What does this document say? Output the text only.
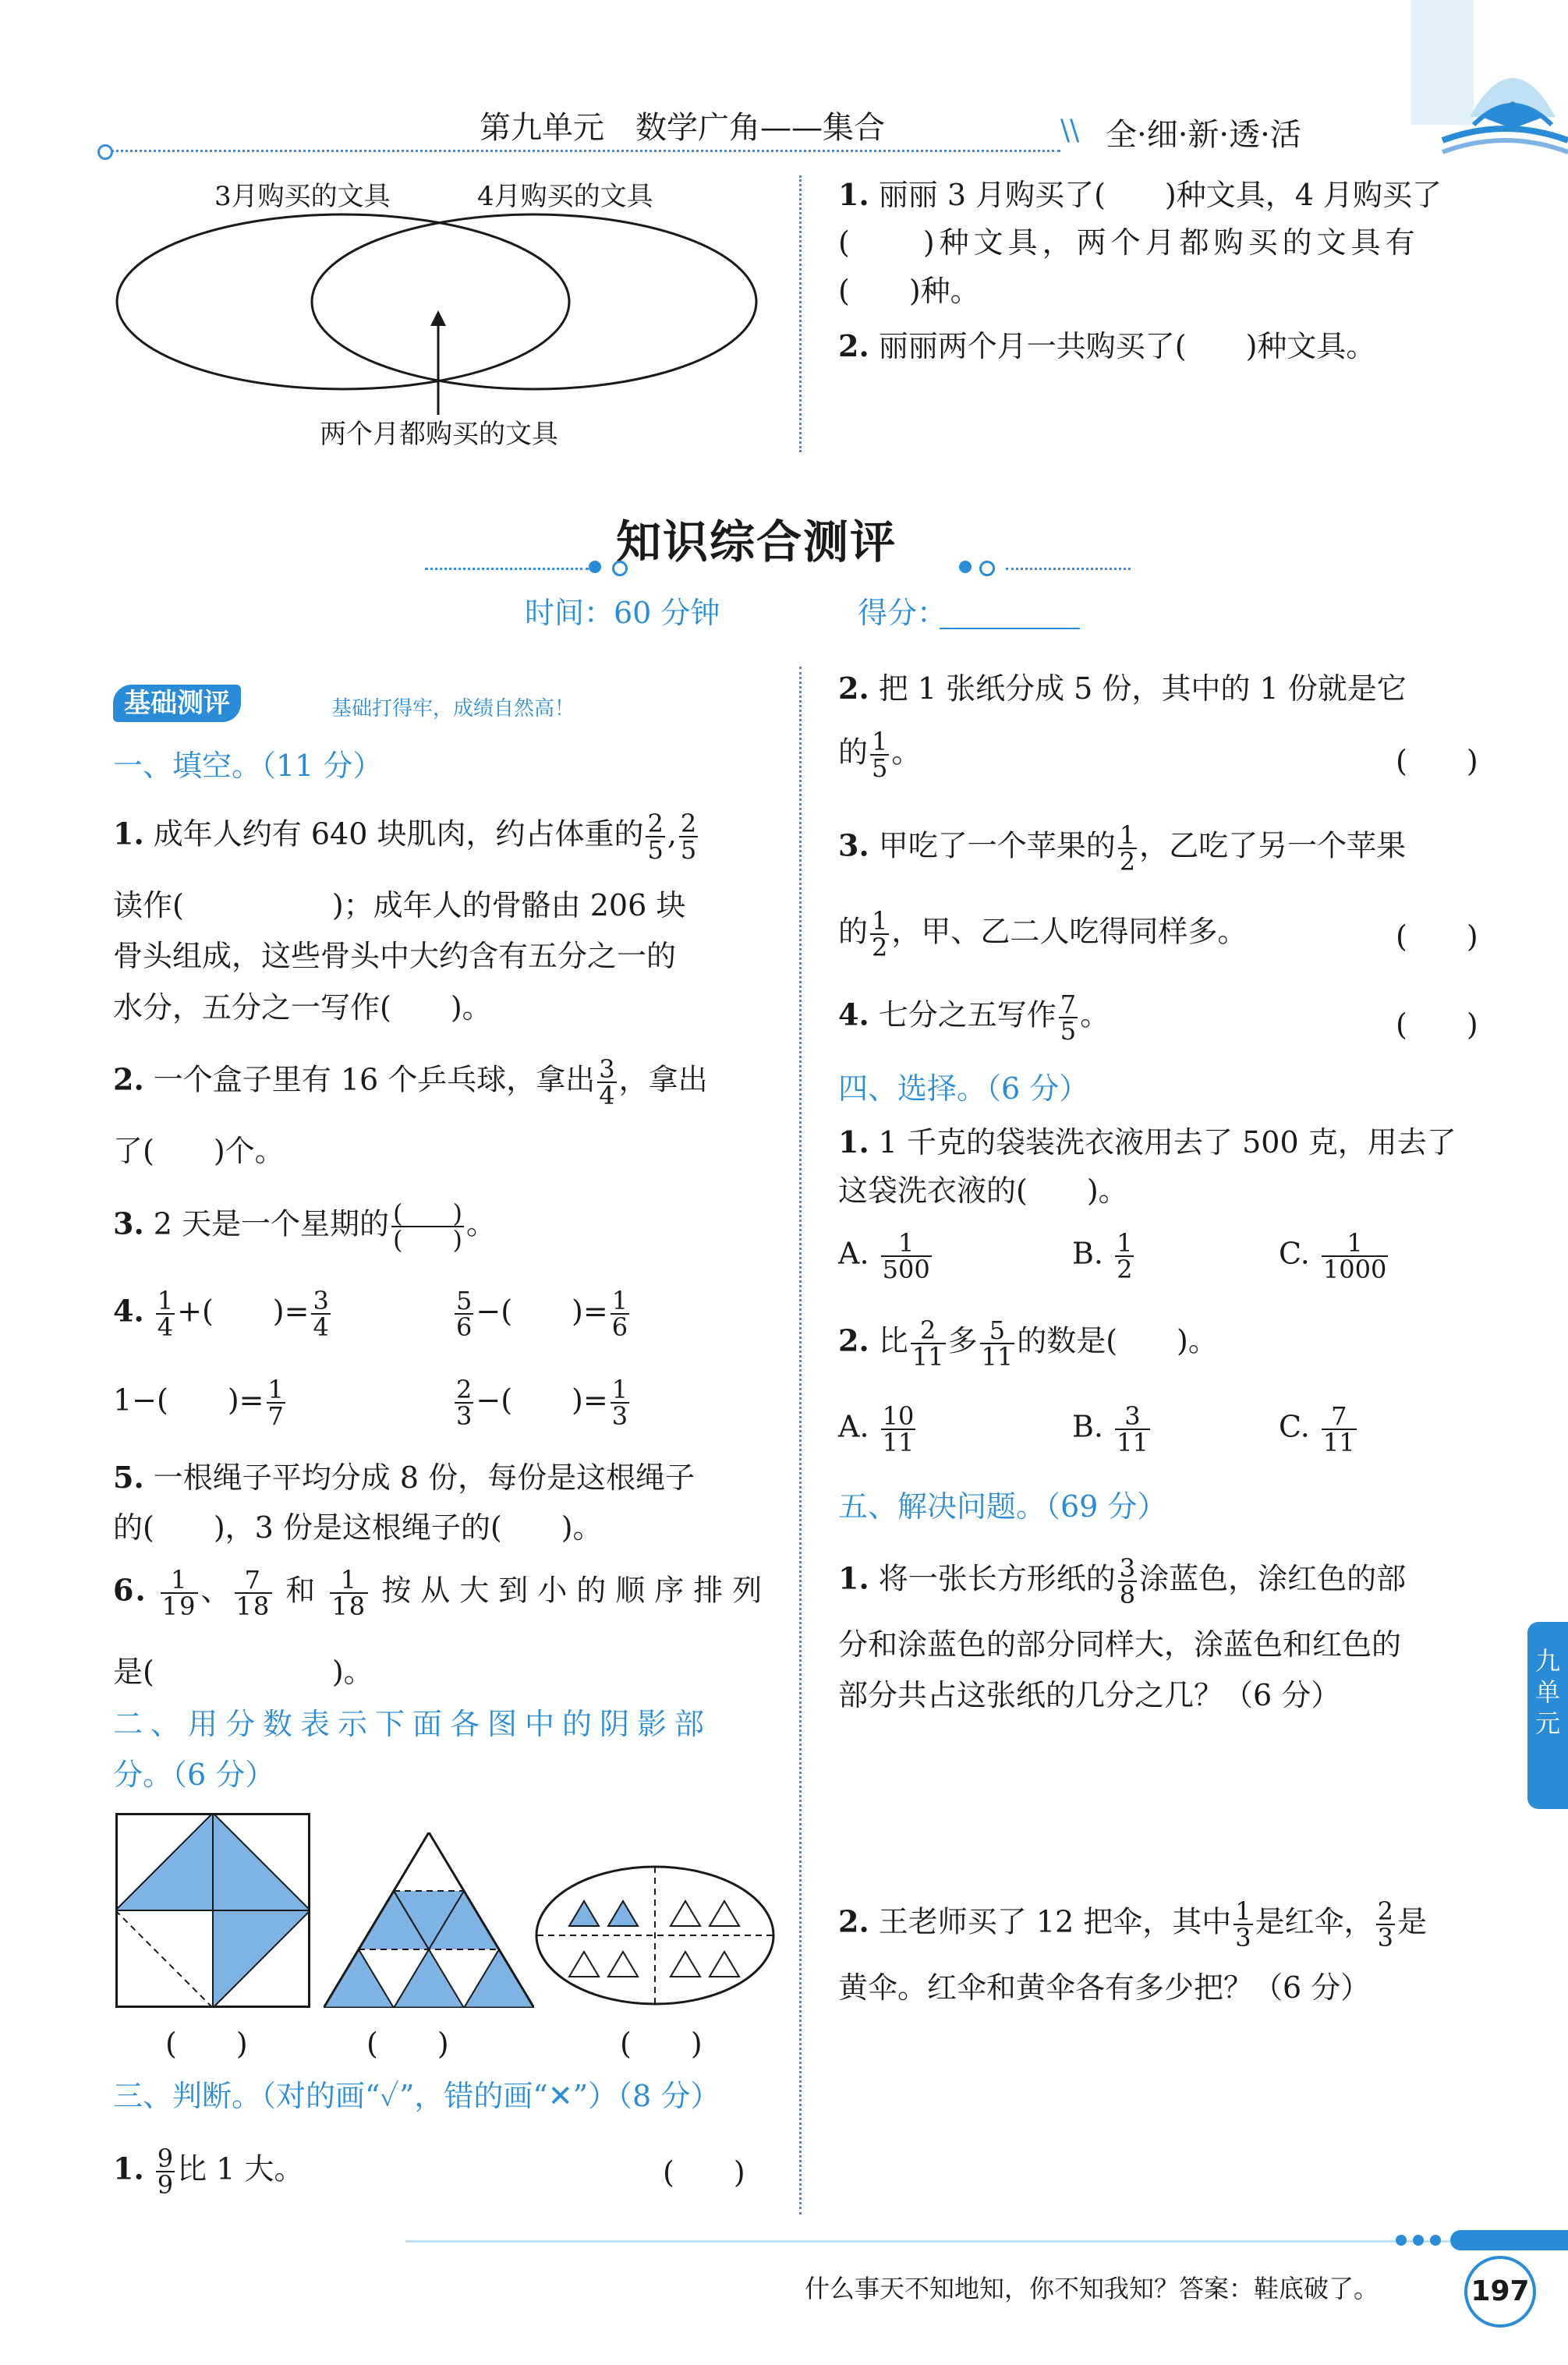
第九单元　数学广角——集合	\\ 全·细·新·透·活
3月购买的文具	4月购买的文具
两个月都购买的文具
1. 丽丽 3 月购买了(　　)种文具，4 月购买了
(　　)种文具，两个月都购买的文具有
(　　)种。
2. 丽丽两个月一共购买了(　　)种文具。
知识综合测评
时间：60 分钟	得分：
基础测评	基础打得牢，成绩自然高！
一、填空。（11 分）
1. 成年人约有 640 块肌肉，约占体重的 $\frac{2}{5}$ , $\frac{2}{5}$
读作(　　　　　)；成年人的骨骼由 206 块
骨头组成，这些骨头中大约含有五分之一的
水分，五分之一写作(　　)。
2. 一个盒子里有 16 个乒乓球，拿出 $\frac{3}{4}$ ，拿出
了(　　)个。
3. 2 天是一个星期的 $\frac{( )}{( )}$ 。
4. $\frac{1}{4}$ +(　　)= $\frac{3}{4}$	$\frac{5}{6}$ −(　　)= $\frac{1}{6}$
1−(　　)= $\frac{1}{7}$	$\frac{2}{3}$ −(　　)= $\frac{1}{3}$
5. 一根绳子平均分成 8 份，每份是这根绳子
的(　　)，3 份是这根绳子的(　　)。
6. $\frac{1}{19}$ 、 $\frac{7}{18}$ 和 $\frac{1}{18}$ 按从大到小的顺序排列
是(　　　　　　)。
二、用分数表示下面各图中的阴影部
分。（6 分）
(　　)	(　　)	(　　)
三、判断。（对的画“✓”，错的画“✕”）（8 分）
1. $\frac{9}{9}$ 比 1 大。	(　　)
2. 把 1 张纸分成 5 份，其中的 1 份就是它
的 $\frac{1}{5}$ 。	(　　)
3. 甲吃了一个苹果的 $\frac{1}{2}$ ，乙吃了另一个苹果
的 $\frac{1}{2}$ ，甲、乙二人吃得同样多。	(　　)
4. 七分之五写作 $\frac{7}{5}$ 。	(　　)
四、选择。（6 分）
1. 1 千克的袋装洗衣液用去了 500 克，用去了
这袋洗衣液的(　　)。
A. $\frac{1}{500}$	B. $\frac{1}{2}$	C. $\frac{1}{1000}$
2. 比 $\frac{2}{11}$ 多 $\frac{5}{11}$ 的数是(　　)。
A. $\frac{10}{11}$	B. $\frac{3}{11}$	C. $\frac{7}{11}$
五、解决问题。（69 分）
1. 将一张长方形纸的 $\frac{3}{8}$ 涂蓝色，涂红色的部
分和涂蓝色的部分同样大，涂蓝色和红色的
部分共占这张纸的几分之几？（6 分）
2. 王老师买了 12 把伞，其中 $\frac{1}{3}$ 是红伞， $\frac{2}{3}$ 是
黄伞。红伞和黄伞各有多少把？（6 分）
九单元
什么事天不知地知，你不知我知？答案：鞋底破了。	197
